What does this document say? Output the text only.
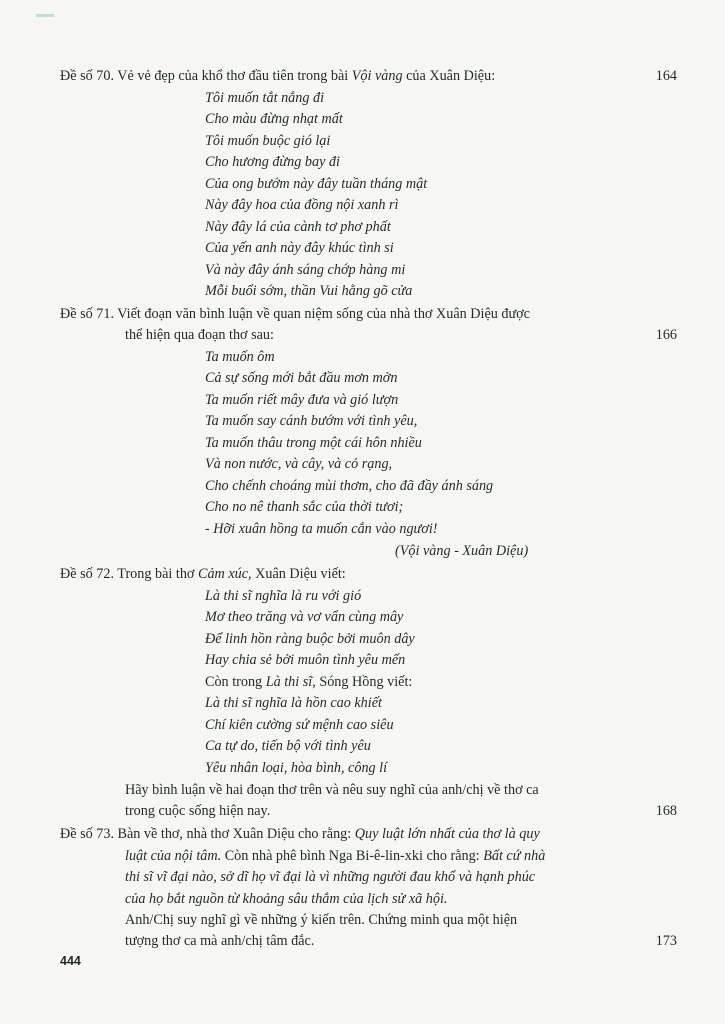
Đề số 70. Vẻ vẻ đẹp của khổ thơ đầu tiên trong bài Vội vàng của Xuân Diệu:	164
Tôi muốn tắt nắng đi
Cho màu đừng nhạt mất
Tôi muốn buộc gió lại
Cho hương đừng bay đi
Của ong bướm này đây tuần tháng mật
Này đây hoa của đồng nội xanh rì
Này đây lá của cành tơ phơ phất
Của yến anh này đây khúc tình si
Và này đây ánh sáng chớp hàng mi
Mỗi buổi sớm, thần Vui hằng gõ cửa
Đề số 71. Viết đoạn văn bình luận về quan niệm sống của nhà thơ Xuân Diệu được
thể hiện qua đoạn thơ sau:	166
Ta muốn ôm
Cả sự sống mới bắt đầu mơn mởn
Ta muốn riết mây đưa và gió lượn
Ta muốn say cánh bướm với tình yêu,
Ta muốn thâu trong một cái hôn nhiều
Và non nước, và cây, và cỏ rạng,
Cho chếnh choáng mùi thơm, cho đã đầy ánh sáng
Cho no nê thanh sắc của thời tươi;
- Hỡi xuân hồng ta muốn cắn vào ngươi!
(Vội vàng - Xuân Diệu)
Đề số 72. Trong bài thơ Cảm xúc, Xuân Diệu viết:
Là thi sĩ nghĩa là ru với gió
Mơ theo trăng và vơ vẩn cùng mây
Để linh hồn ràng buộc bởi muôn dây
Hay chia sẻ bởi muôn tình yêu mến
Còn trong Là thi sĩ, Sóng Hồng viết:
Là thi sĩ nghĩa là hồn cao khiết
Chí kiên cường sứ mệnh cao siêu
Ca tự do, tiến bộ với tình yêu
Yêu nhân loại, hòa bình, công lí
Hãy bình luận về hai đoạn thơ trên và nêu suy nghĩ của anh/chị về thơ ca
trong cuộc sống hiện nay.	168
Đề số 73. Bàn về thơ, nhà thơ Xuân Diệu cho rằng: Quy luật lớn nhất của thơ là quy
luật của nội tâm. Còn nhà phê bình Nga Bi-ê-lin-xki cho rằng: Bất cứ nhà
thi sĩ vĩ đại nào, sở dĩ họ vĩ đại là vì những người đau khổ và hạnh phúc
của họ bắt nguồn từ khoảng sâu thẳm của lịch sử xã hội.
Anh/Chị suy nghĩ gì về những ý kiến trên. Chứng minh qua một hiện
tượng thơ ca mà anh/chị tâm đắc.	173
444
